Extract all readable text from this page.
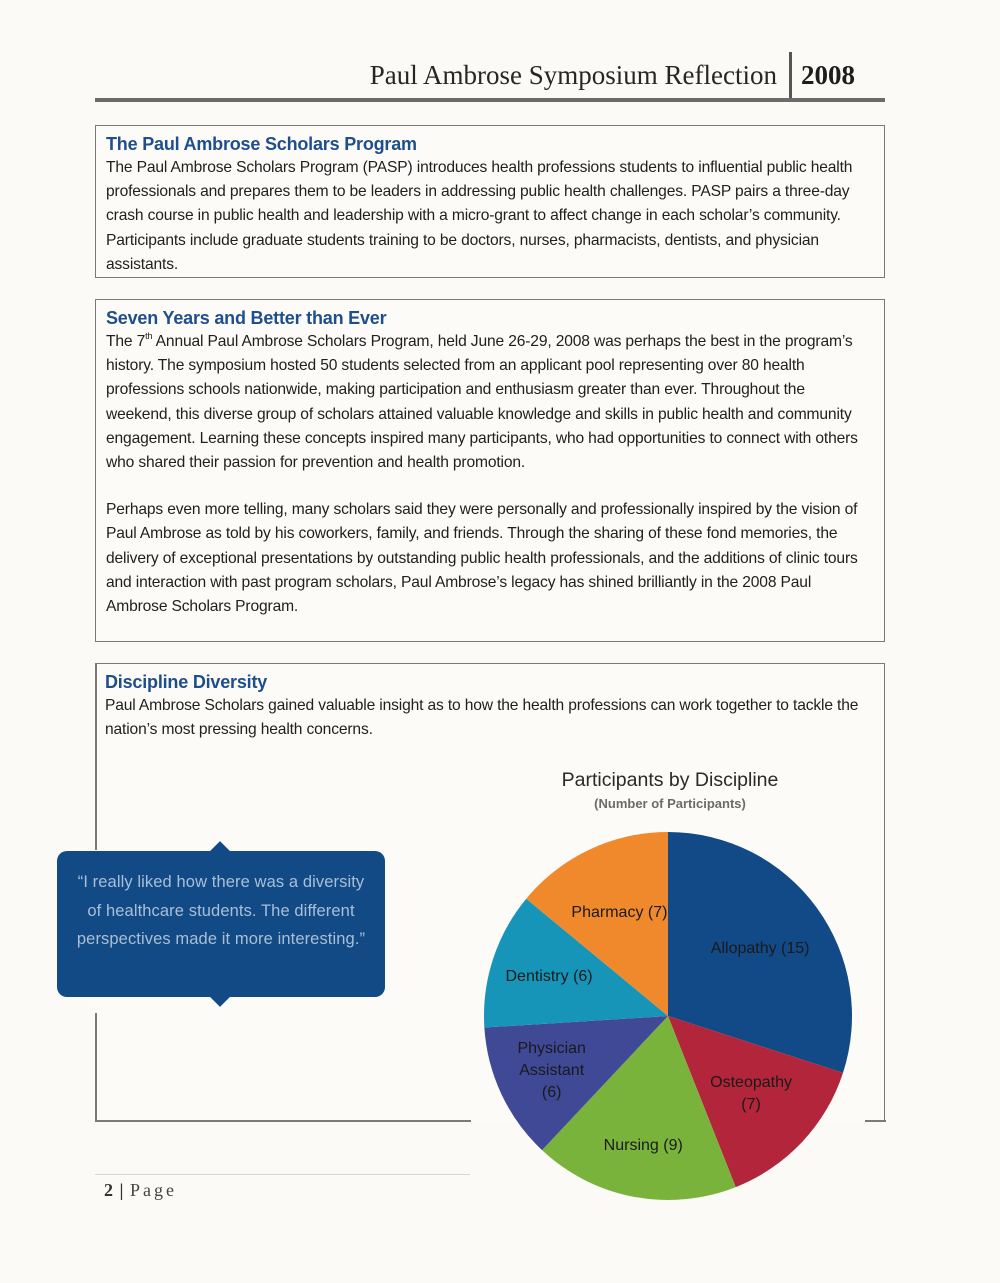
Paul Ambrose Symposium Reflection 2008
The Paul Ambrose Scholars Program

The Paul Ambrose Scholars Program (PASP) introduces health professions students to influential public health professionals and prepares them to be leaders in addressing public health challenges. PASP pairs a three-day crash course in public health and leadership with a micro-grant to affect change in each scholar’s community. Participants include graduate students training to be doctors, nurses, pharmacists, dentists, and physician assistants.

Seven Years and Better than Ever

The 7th Annual Paul Ambrose Scholars Program, held June 26-29, 2008 was perhaps the best in the program’s history. The symposium hosted 50 students selected from an applicant pool representing over 80 health professions schools nationwide, making participation and enthusiasm greater than ever. Throughout the weekend, this diverse group of scholars attained valuable knowledge and skills in public health and community engagement. Learning these concepts inspired many participants, who had opportunities to connect with others who shared their passion for prevention and health promotion.

Perhaps even more telling, many scholars said they were personally and professionally inspired by the vision of Paul Ambrose as told by his coworkers, family, and friends. Through the sharing of these fond memories, the delivery of exceptional presentations by outstanding public health professionals, and the additions of clinic tours and interaction with past program scholars, Paul Ambrose’s legacy has shined brilliantly in the 2008 Paul Ambrose Scholars Program.

Discipline Diversity

Paul Ambrose Scholars gained valuable insight as to how the health professions can work together to tackle the nation’s most pressing health concerns.

“I really liked how there was a diversity of healthcare students. The different perspectives made it more interesting.”
Participants by Discipline
(Number of Participants)
Allopathy (15)
Osteopathy
(7)
Nursing (9)
Physician
Assistant
(6)
Dentistry (6)
Pharmacy (7)
2 | Page
